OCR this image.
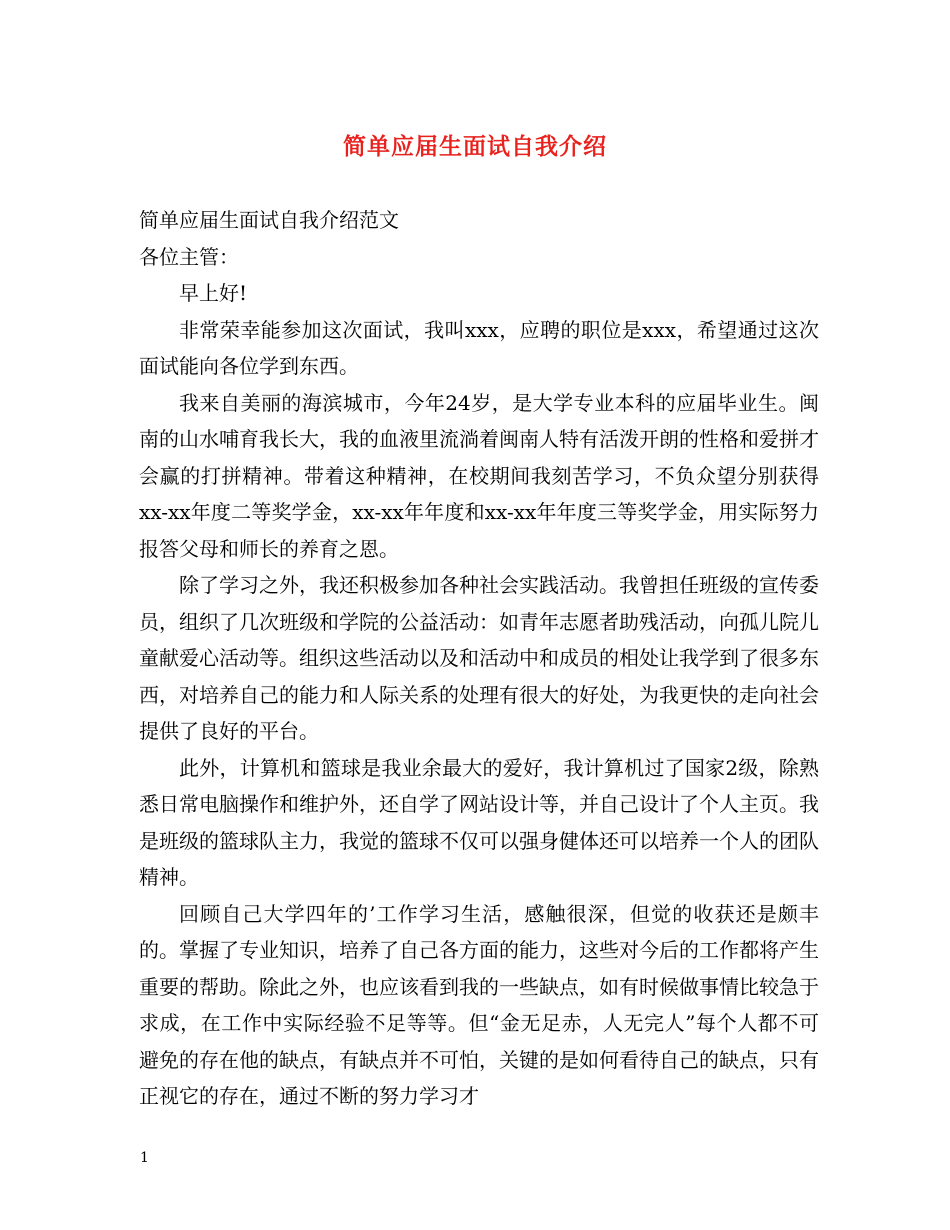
简单应届生面试自我介绍

简单应届生面试自我介绍范文

各位主管：

早上好!

非常荣幸能参加这次面试，我叫xxx，应聘的职位是xxx，希望通过这次面试能向各位学到东西。

我来自美丽的海滨城市，今年24岁，是大学专业本科的应届毕业生。闽南的山水哺育我长大，我的血液里流淌着闽南人特有活泼开朗的性格和爱拼才会赢的打拼精神。带着这种精神，在校期间我刻苦学习，不负众望分别获得xx-xx年度二等奖学金，xx-xx年年度和xx-xx年年度三等奖学金，用实际努力报答父母和师长的养育之恩。

除了学习之外，我还积极参加各种社会实践活动。我曾担任班级的宣传委员，组织了几次班级和学院的公益活动：如青年志愿者助残活动，向孤儿院儿童献爱心活动等。组织这些活动以及和活动中和成员的相处让我学到了很多东西，对培养自己的能力和人际关系的处理有很大的好处，为我更快的走向社会提供了良好的平台。

此外，计算机和篮球是我业余最大的爱好，我计算机过了国家2级，除熟悉日常电脑操作和维护外，还自学了网站设计等，并自己设计了个人主页。我是班级的篮球队主力，我觉的篮球不仅可以强身健体还可以培养一个人的团队精神。

回顾自己大学四年的’工作学习生活，感触很深，但觉的收获还是颇丰的。掌握了专业知识，培养了自己各方面的能力，这些对今后的工作都将产生重要的帮助。除此之外，也应该看到我的一些缺点，如有时候做事情比较急于求成，在工作中实际经验不足等等。但“金无足赤，人无完人”每个人都不可避免的存在他的缺点，有缺点并不可怕，关键的是如何看待自己的缺点，只有正视它的存在，通过不断的努力学习才

1
